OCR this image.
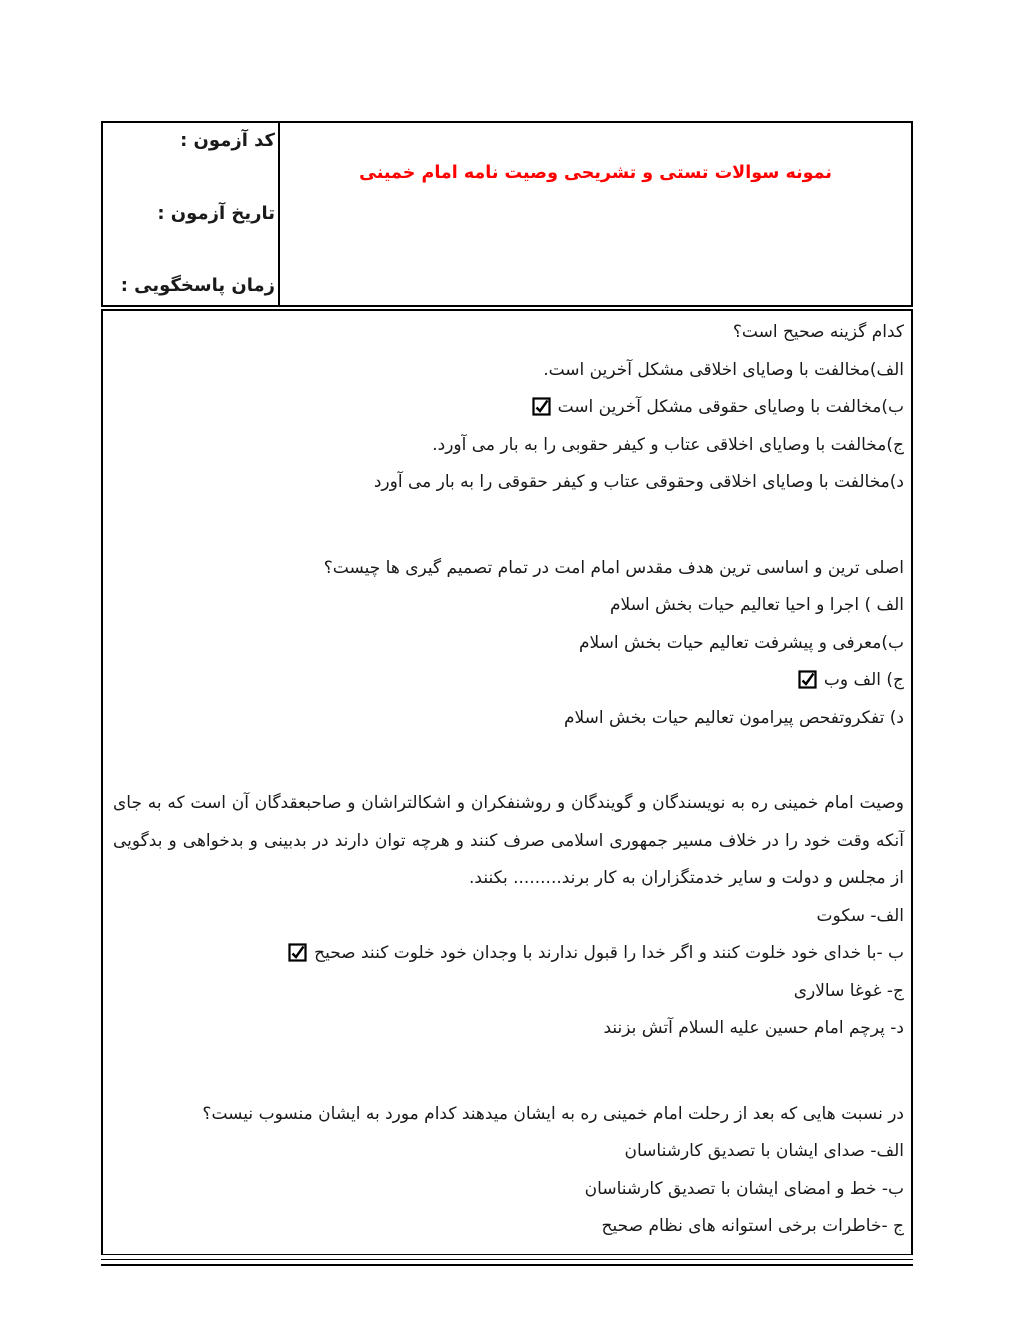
کد آزمون :
تاریخ آزمون :
زمان پاسخگویی :
نمونه سوالات تستی و تشریحی وصیت نامه امام خمینی
کدام گزینه صحیح است؟
الف)مخالفت با وصایای اخلاقی مشکل آخرین است.
ب)مخالفت با وصایای حقوقی مشکل آخرین است
ج)مخالفت با وصایای اخلاقی عتاب و کیفر حقوبی را به بار می آورد.
د)مخالفت با وصایای اخلاقی وحقوقی عتاب و کیفر حقوقی را به بار می آورد
اصلی ترین و اساسی ترین هدف مقدس امام امت در تمام تصمیم گیری ها چیست؟
الف ) اجرا و احیا تعالیم حیات بخش اسلام
ب)معرفی و پیشرفت تعالیم حیات بخش اسلام
ج) الف وب
د) تفکروتفحص پیرامون تعالیم حیات بخش اسلام
وصیت امام خمینی ره به نویسندگان و گویندگان و روشنفکران و اشکالتراشان و صاحبعقدگان آن است که به جای آنکه وقت خود را در خلاف مسیر جمهوری اسلامی صرف کنند و هرچه توان دارند در بدبینی و بدخواهی و بدگویی از مجلس و دولت و سایر خدمتگزاران به کار برند......... بکنند.
الف- سکوت
ب -با خدای خود خلوت کنند و اگر خدا را قبول ندارند با وجدان خود خلوت کنند صحیح
ج- غوغا سالاری
د- پرچم امام حسین علیه السلام آتش بزنند
در نسبت هایی که بعد از رحلت امام خمینی ره به ایشان میدهند کدام مورد به ایشان منسوب نیست؟
الف- صدای ایشان با تصدیق کارشناسان
ب- خط و امضای ایشان با تصدیق کارشناسان
ج -خاطرات برخی استوانه های نظام صحیح
